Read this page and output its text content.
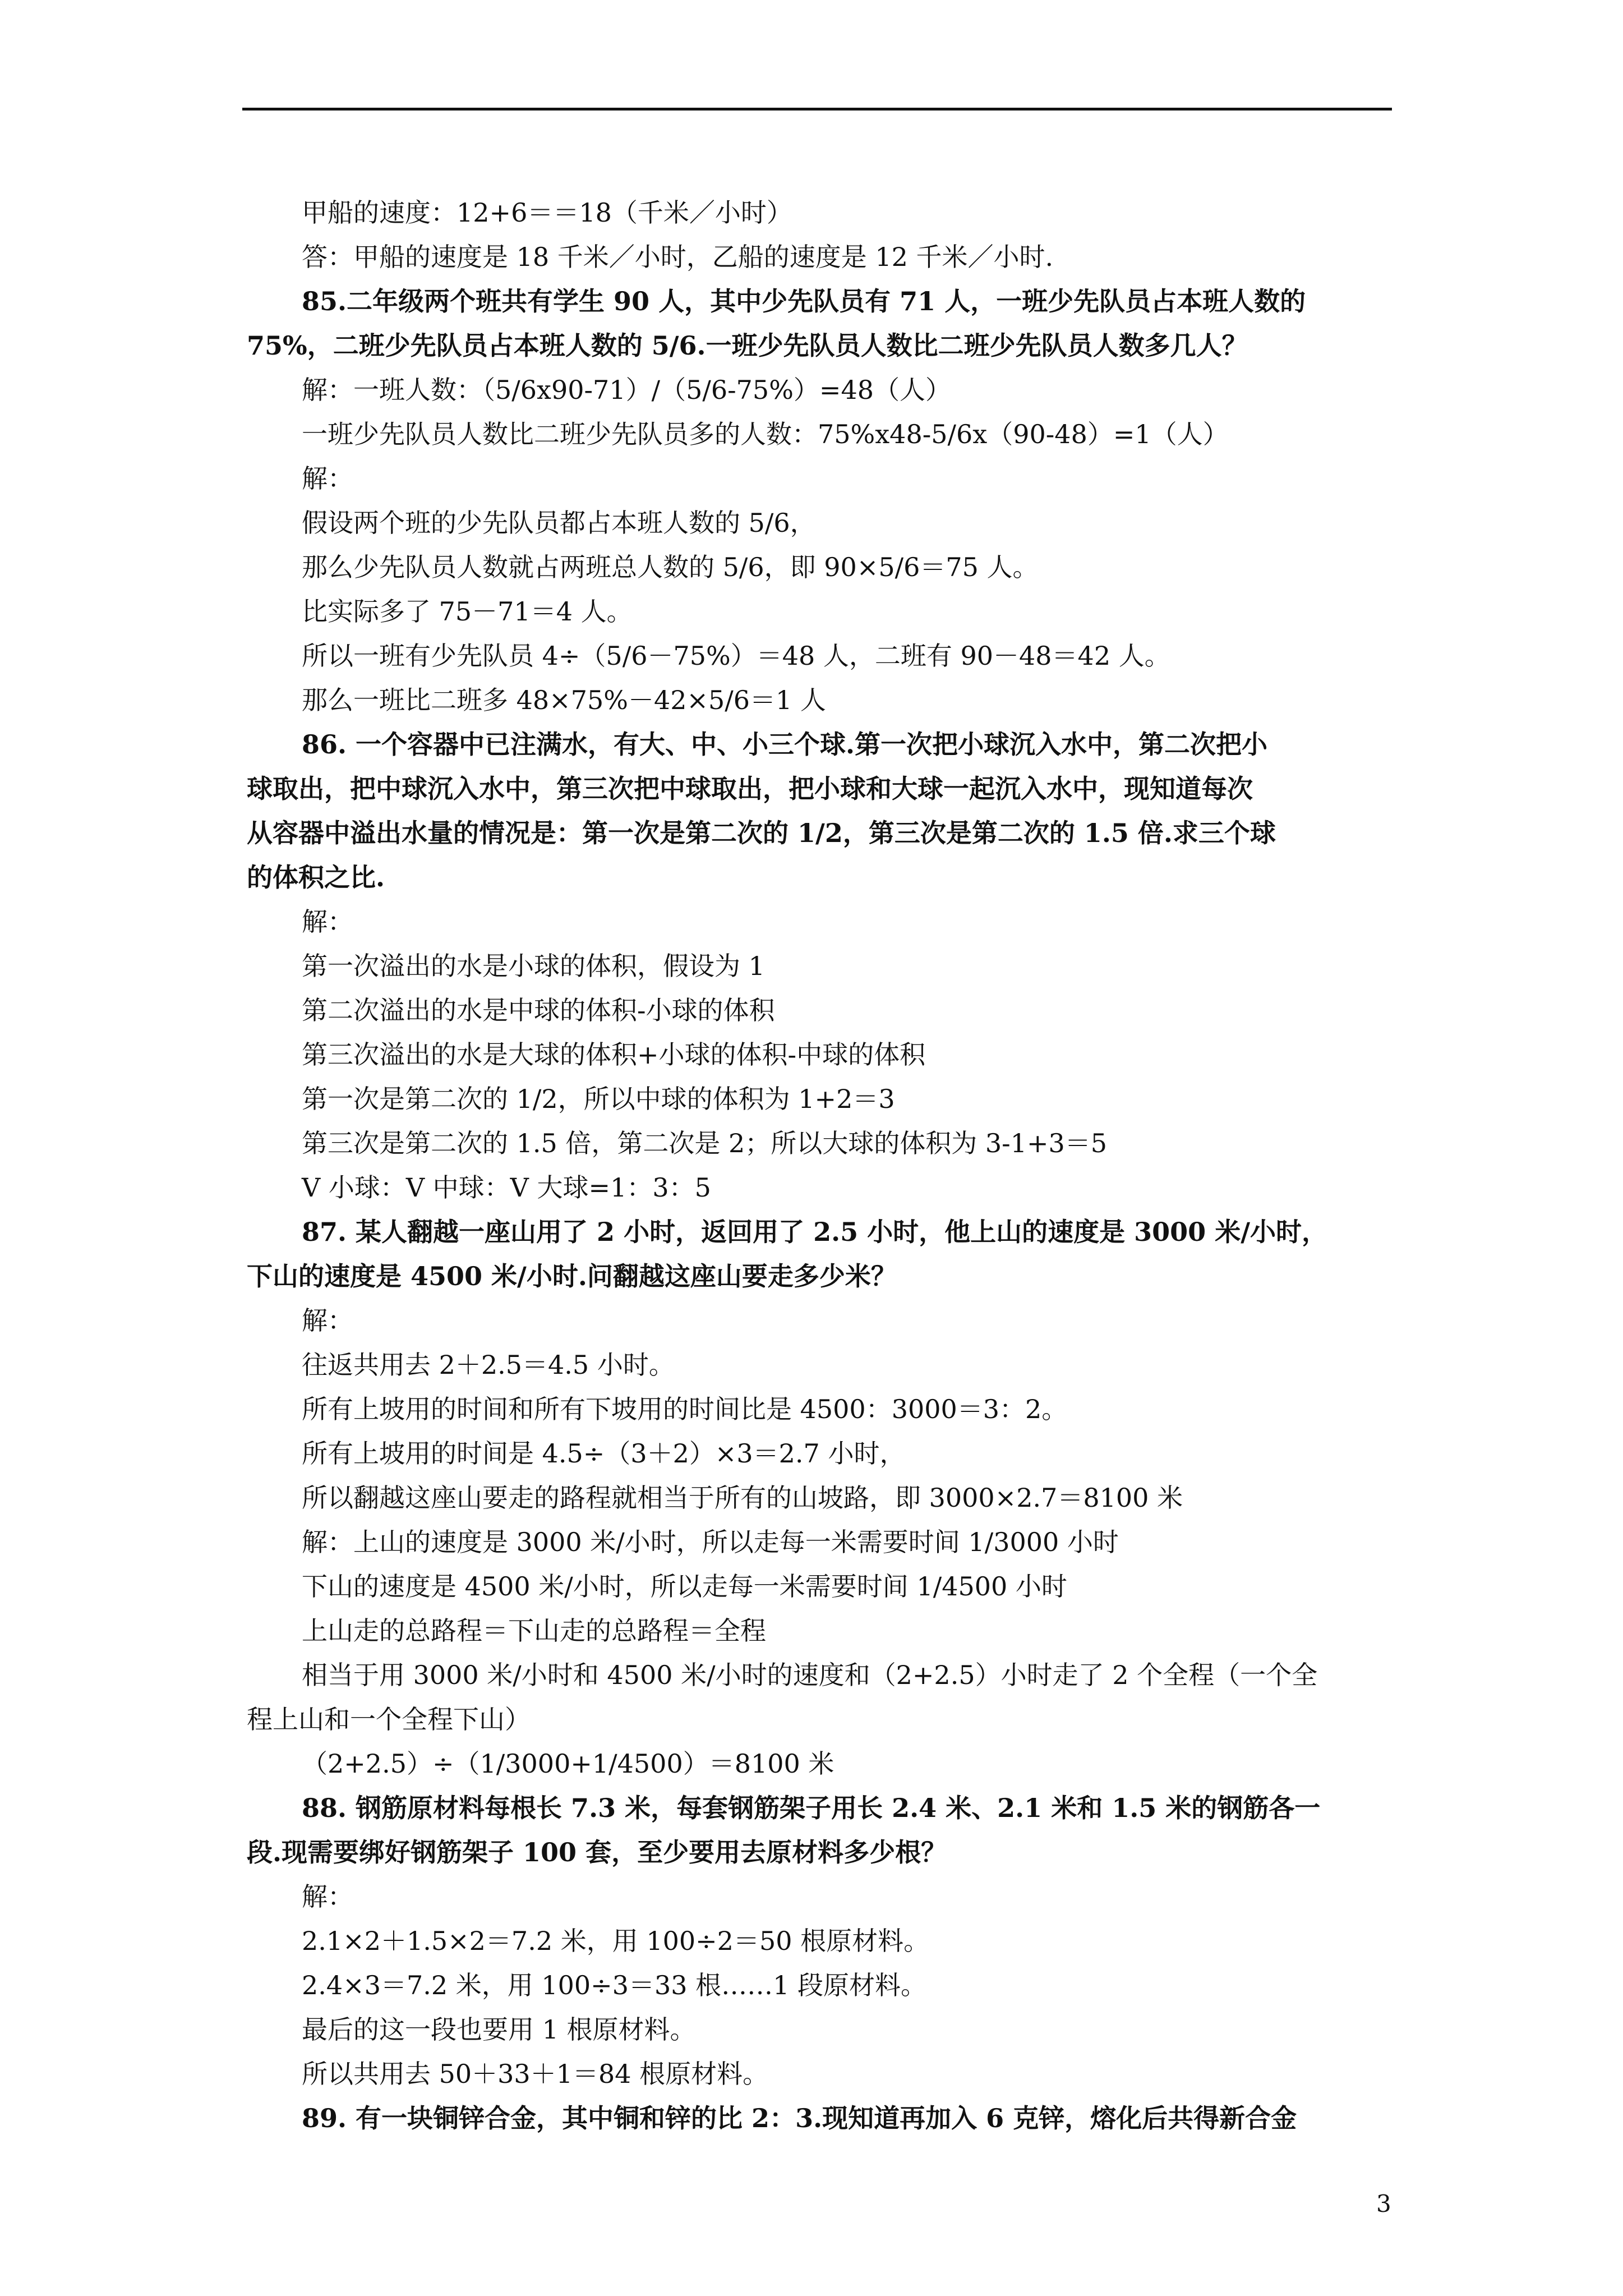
甲船的速度：12+6＝＝18（千米／小时）
答：甲船的速度是 18 千米／小时，乙船的速度是 12 千米／小时.
85.二年级两个班共有学生 90 人，其中少先队员有 71 人，一班少先队员占本班人数的
75%，二班少先队员占本班人数的 5/6.一班少先队员人数比二班少先队员人数多几人？
解：一班人数：（5/6x90-71）/（5/6-75%）=48（人）
一班少先队员人数比二班少先队员多的人数：75%x48-5/6x（90-48）=1（人）
解：
假设两个班的少先队员都占本班人数的 5/6，
那么少先队员人数就占两班总人数的 5/6，即 90×5/6＝75 人。
比实际多了 75－71＝4 人。
所以一班有少先队员 4÷（5/6－75%）＝48 人，二班有 90－48＝42 人。
那么一班比二班多 48×75%－42×5/6＝1 人
86. 一个容器中已注满水，有大、中、小三个球.第一次把小球沉入水中，第二次把小
球取出，把中球沉入水中，第三次把中球取出，把小球和大球一起沉入水中，现知道每次
从容器中溢出水量的情况是：第一次是第二次的 1/2，第三次是第二次的 1.5 倍.求三个球
的体积之比.
解：
第一次溢出的水是小球的体积，假设为 1
第二次溢出的水是中球的体积-小球的体积
第三次溢出的水是大球的体积+小球的体积-中球的体积
第一次是第二次的 1/2，所以中球的体积为 1+2＝3
第三次是第二次的 1.5 倍，第二次是 2；所以大球的体积为 3-1+3＝5
V 小球：V 中球：V 大球=1：3：5
87. 某人翻越一座山用了 2 小时，返回用了 2.5 小时，他上山的速度是 3000 米/小时，
下山的速度是 4500 米/小时.问翻越这座山要走多少米？
解：
往返共用去 2＋2.5＝4.5 小时。
所有上坡用的时间和所有下坡用的时间比是 4500：3000＝3：2。
所有上坡用的时间是 4.5÷（3＋2）×3＝2.7 小时，
所以翻越这座山要走的路程就相当于所有的山坡路，即 3000×2.7＝8100 米
解：上山的速度是 3000 米/小时，所以走每一米需要时间 1/3000 小时
下山的速度是 4500 米/小时，所以走每一米需要时间 1/4500 小时
上山走的总路程＝下山走的总路程＝全程
相当于用 3000 米/小时和 4500 米/小时的速度和（2+2.5）小时走了 2 个全程（一个全
程上山和一个全程下山）
（2+2.5）÷（1/3000+1/4500）＝8100 米
88. 钢筋原材料每根长 7.3 米，每套钢筋架子用长 2.4 米、2.1 米和 1.5 米的钢筋各一
段.现需要绑好钢筋架子 100 套，至少要用去原材料多少根？
解：
2.1×2＋1.5×2＝7.2 米，用 100÷2＝50 根原材料。
2.4×3＝7.2 米，用 100÷3＝33 根……1 段原材料。
最后的这一段也要用 1 根原材料。
所以共用去 50＋33＋1＝84 根原材料。
89. 有一块铜锌合金，其中铜和锌的比 2：3.现知道再加入 6 克锌，熔化后共得新合金
3
